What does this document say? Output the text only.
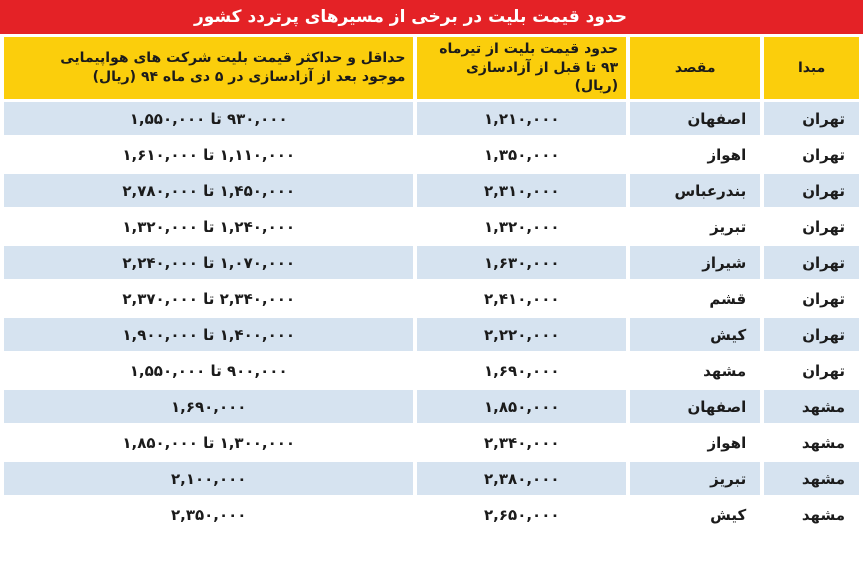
حدود قیمت بلیت در برخی از مسیرهای پرتردد کشور
مبدا	مقصد	حدود قیمت بلیت از تیرماه ۹۳ تا قبل از آزادسازی (ریال)	حداقل و حداکثر قیمت بلیت شرکت های هواپیمایی موجود بعد از آزادسازی در ۵ دی ماه ۹۴ (ریال)
تهران	اصفهان	۱,۲۱۰,۰۰۰	۹۳۰,۰۰۰ تا ۱,۵۵۰,۰۰۰
تهران	اهواز	۱,۳۵۰,۰۰۰	۱,۱۱۰,۰۰۰ تا ۱,۶۱۰,۰۰۰
تهران	بندرعباس	۲,۳۱۰,۰۰۰	۱,۴۵۰,۰۰۰ تا ۲,۷۸۰,۰۰۰
تهران	تبریز	۱,۳۲۰,۰۰۰	۱,۲۴۰,۰۰۰ تا ۱,۳۲۰,۰۰۰
تهران	شیراز	۱,۶۳۰,۰۰۰	۱,۰۷۰,۰۰۰ تا ۲,۲۴۰,۰۰۰
تهران	قشم	۲,۴۱۰,۰۰۰	۲,۳۴۰,۰۰۰ تا ۲,۳۷۰,۰۰۰
تهران	کیش	۲,۲۲۰,۰۰۰	۱,۴۰۰,۰۰۰ تا ۱,۹۰۰,۰۰۰
تهران	مشهد	۱,۶۹۰,۰۰۰	۹۰۰,۰۰۰ تا ۱,۵۵۰,۰۰۰
مشهد	اصفهان	۱,۸۵۰,۰۰۰	۱,۶۹۰,۰۰۰
مشهد	اهواز	۲,۳۴۰,۰۰۰	۱,۳۰۰,۰۰۰ تا ۱,۸۵۰,۰۰۰
مشهد	تبریز	۲,۳۸۰,۰۰۰	۲,۱۰۰,۰۰۰
مشهد	کیش	۲,۶۵۰,۰۰۰	۲,۳۵۰,۰۰۰
